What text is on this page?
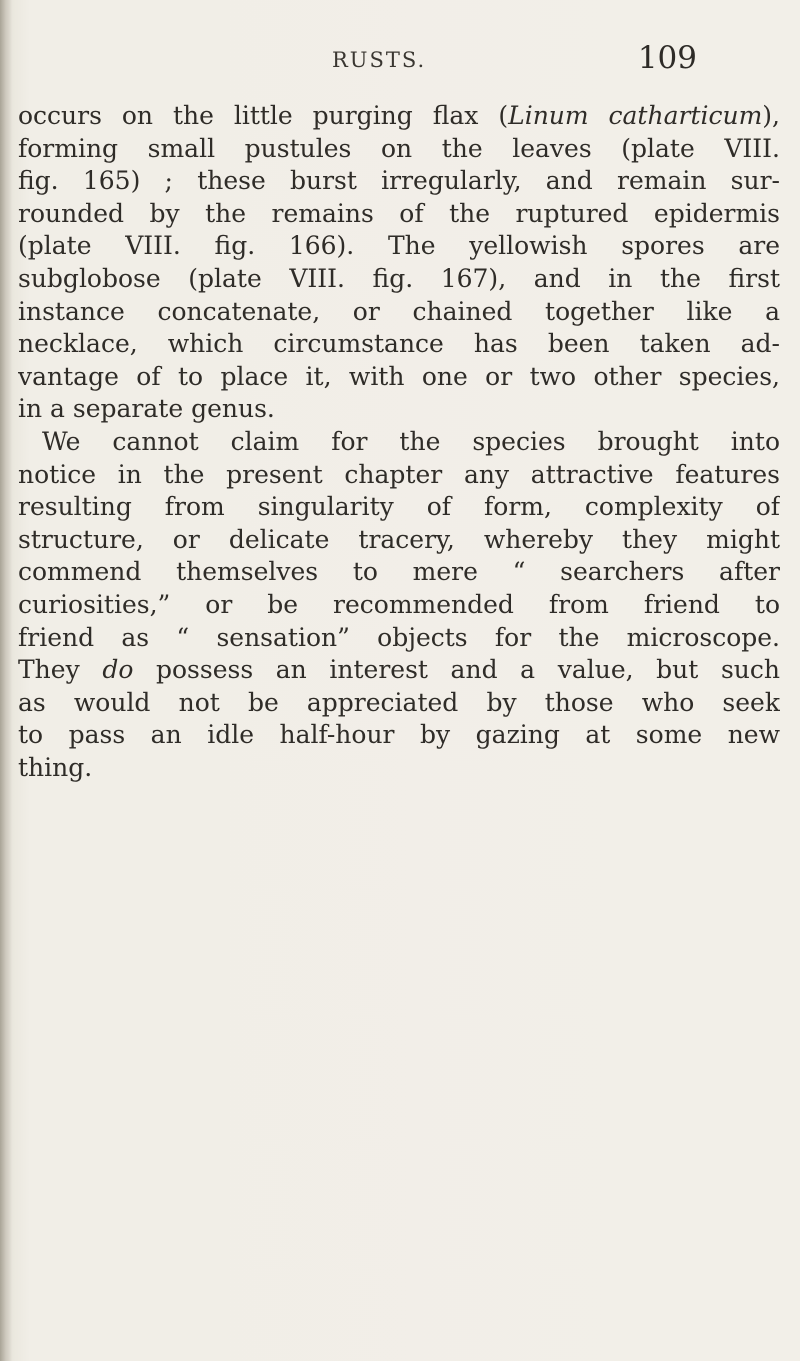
RUSTS.	109

occurs on the little purging flax (Linum catharticum),
forming small pustules on the leaves (plate VIII.
fig. 165) ; these burst irregularly, and remain sur-
rounded by the remains of the ruptured epidermis
(plate VIII. fig. 166). The yellowish spores are
subglobose (plate VIII. fig. 167), and in the first
instance concatenate, or chained together like a
necklace, which circumstance has been taken ad-
vantage of to place it, with one or two other species,
in a separate genus.

We cannot claim for the species brought into
notice in the present chapter any attractive features
resulting from singularity of form, complexity of
structure, or delicate tracery, whereby they might
commend themselves to mere “ searchers after
curiosities,” or be recommended from friend to
friend as “ sensation” objects for the microscope.
They do possess an interest and a value, but such
as would not be appreciated by those who seek
to pass an idle half-hour by gazing at some new
thing.
